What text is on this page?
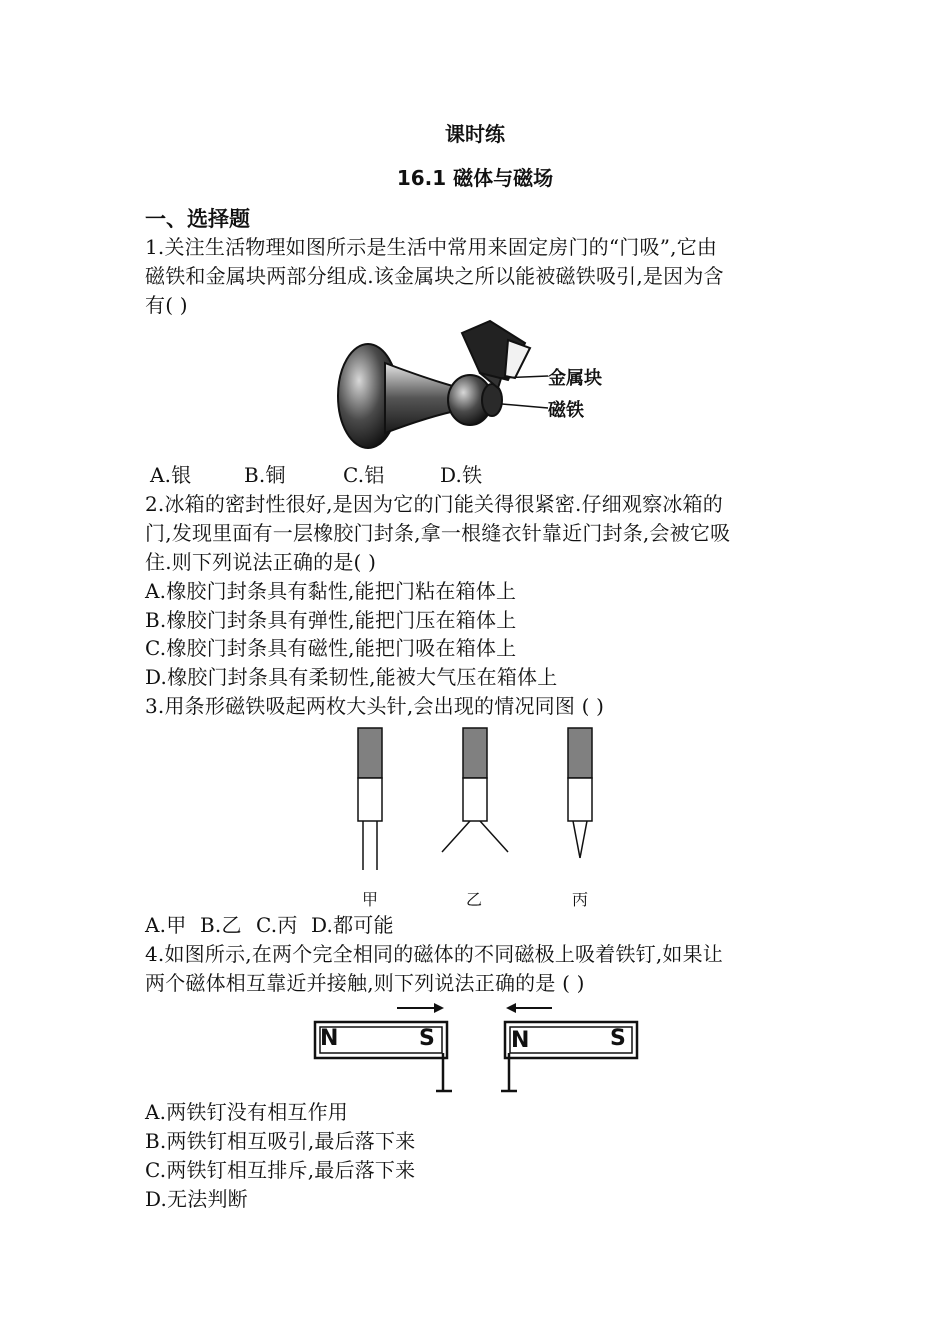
课时练
16.1 磁体与磁场
一、选择题
1.关注生活物理如图所示是生活中常用来固定房门的“门吸”,它由
磁铁和金属块两部分组成.该金属块之所以能被磁铁吸引,是因为含
有( )
金属块
磁铁
A.银	B.铜	C.铝	D.铁
2.冰箱的密封性很好,是因为它的门能关得很紧密.仔细观察冰箱的
门,发现里面有一层橡胶门封条,拿一根缝衣针靠近门封条,会被它吸
住.则下列说法正确的是( )
A.橡胶门封条具有黏性,能把门粘在箱体上
B.橡胶门封条具有弹性,能把门压在箱体上
C.橡胶门封条具有磁性,能把门吸在箱体上
D.橡胶门封条具有柔韧性,能被大气压在箱体上
3.用条形磁铁吸起两枚大头针,会出现的情况同图 ( )
甲	乙	丙
A.甲 B.乙 C.丙 D.都可能
4.如图所示,在两个完全相同的磁体的不同磁极上吸着铁钉,如果让
两个磁体相互靠近并接触,则下列说法正确的是 ( )
N	S	N	S
A.两铁钉没有相互作用
B.两铁钉相互吸引,最后落下来
C.两铁钉相互排斥,最后落下来
D.无法判断
